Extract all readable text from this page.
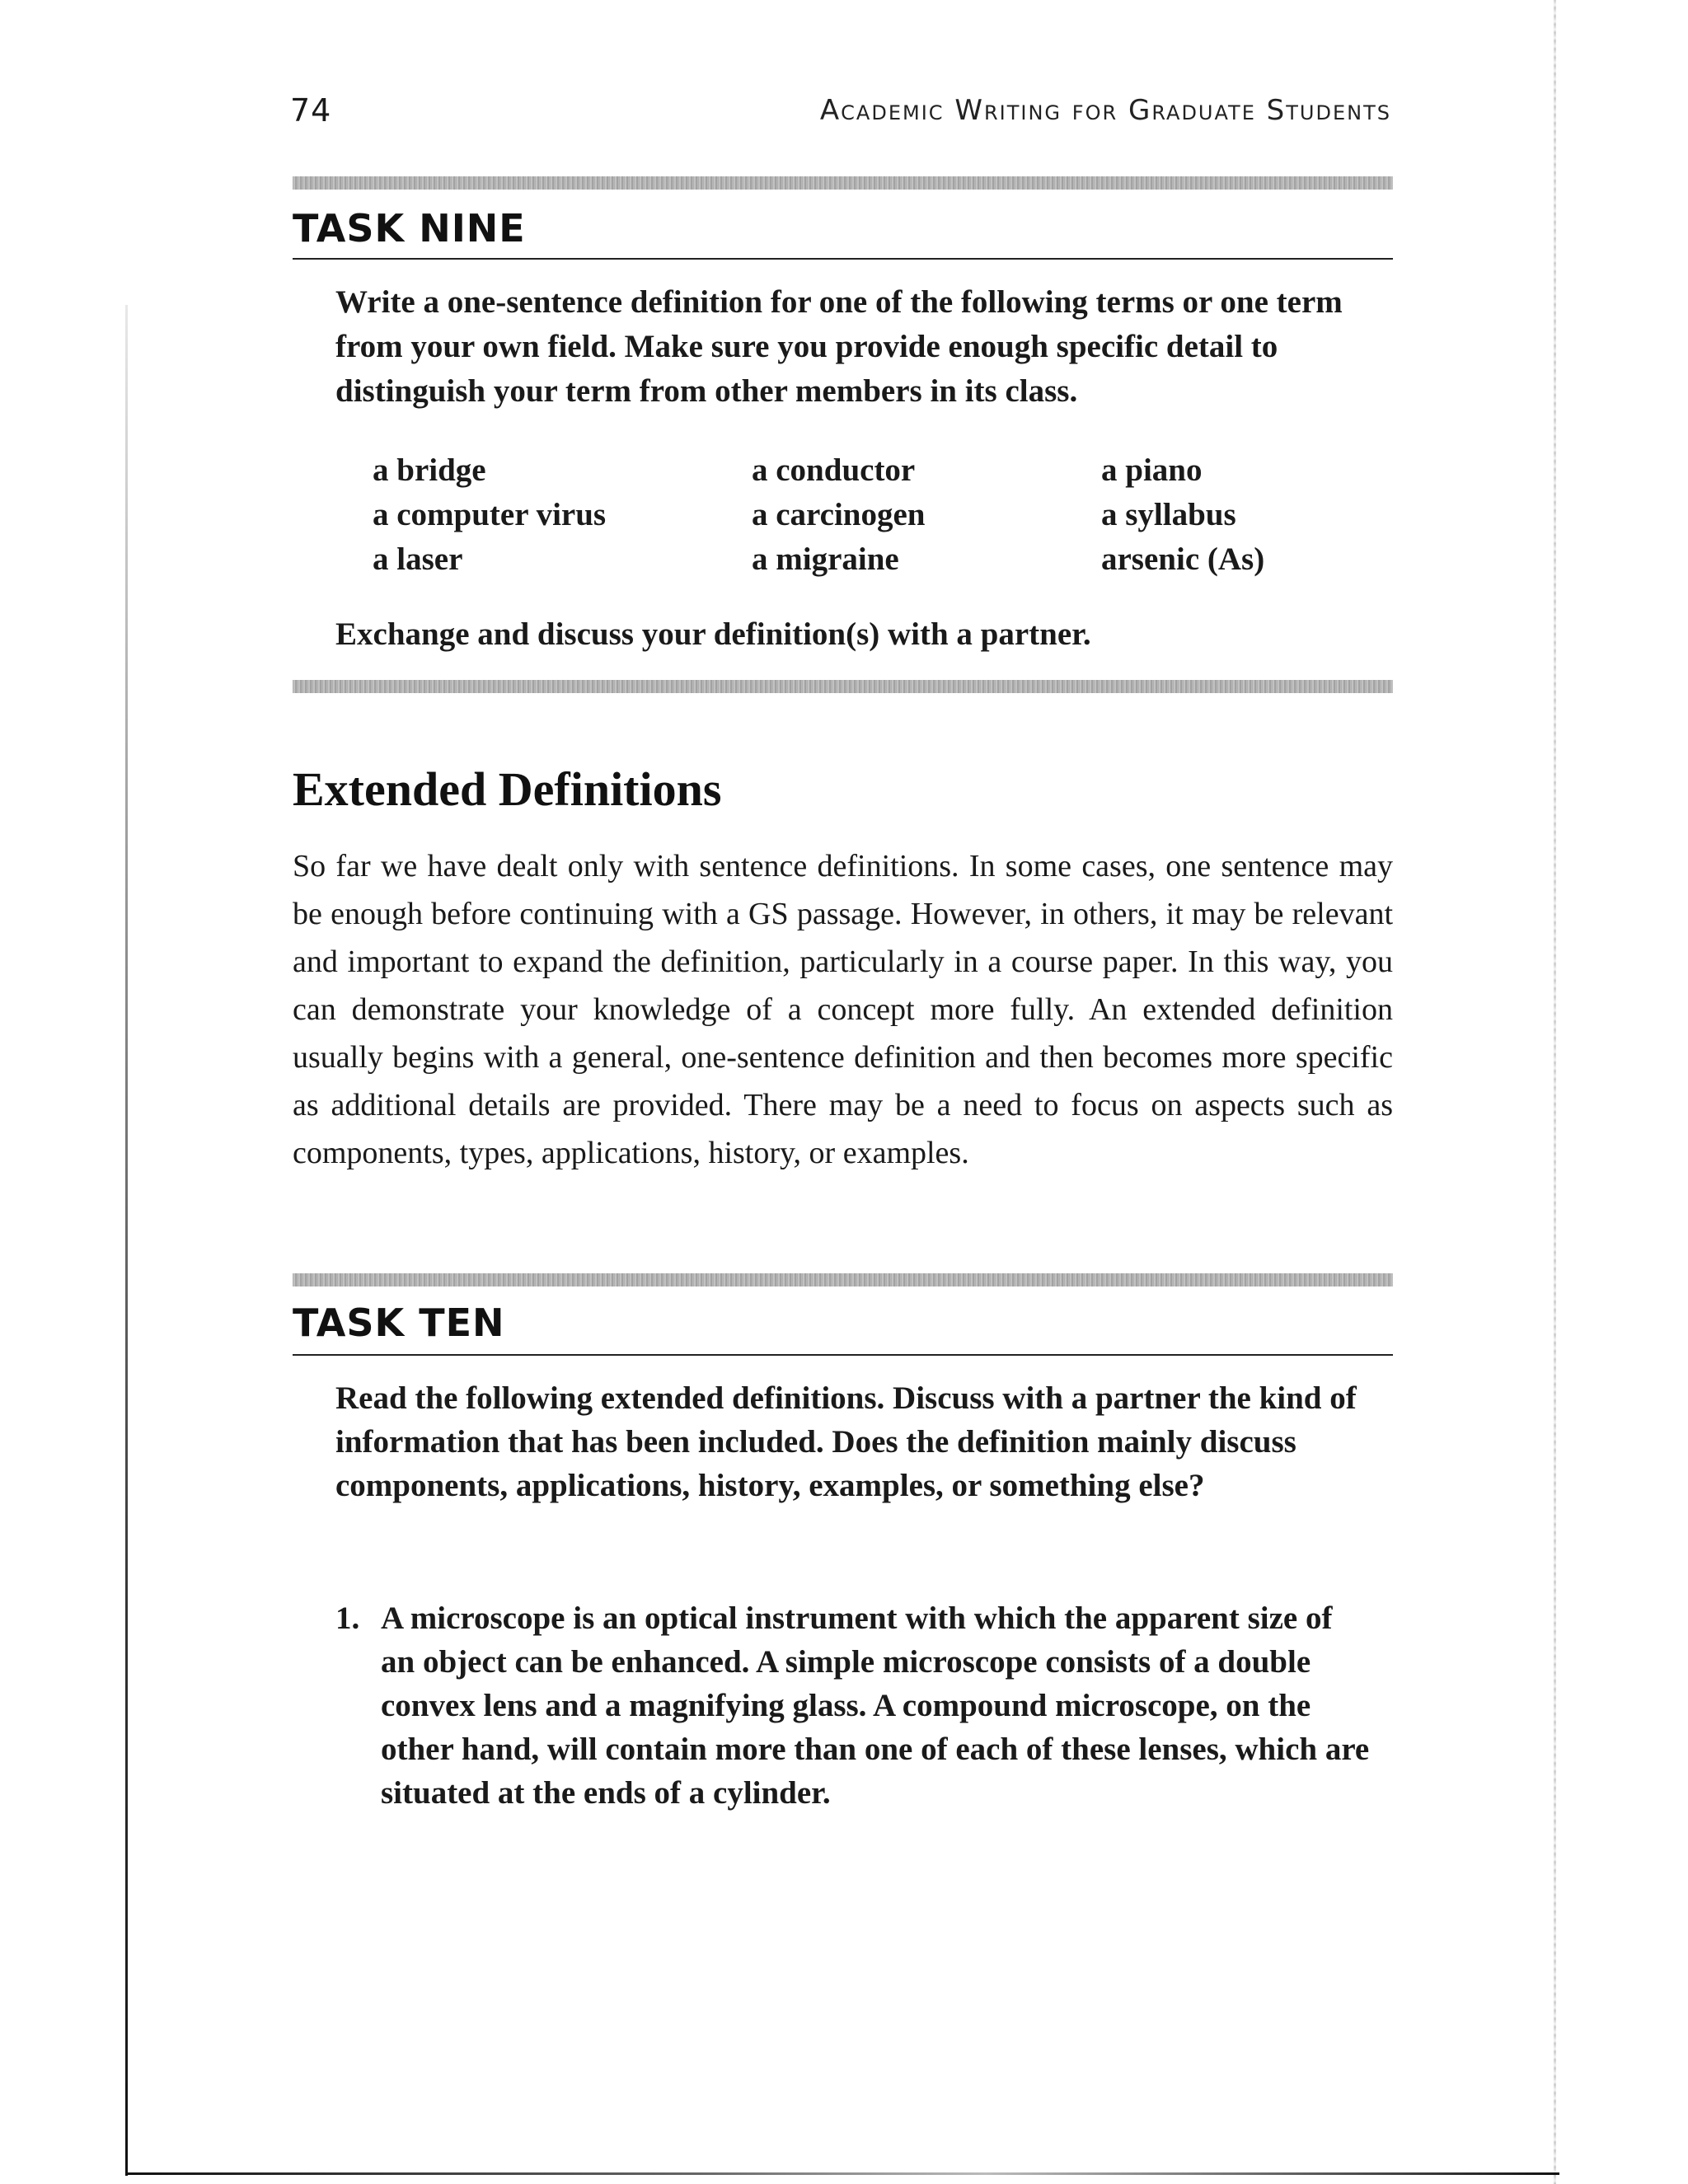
74	Academic Writing for Graduate Students
TASK NINE

Write a one-sentence definition for one of the following terms or one term from your own field. Make sure you provide enough specific detail to distinguish your term from other members in its class.

a bridge	a conductor	a piano
a computer virus	a carcinogen	a syllabus
a laser	a migraine	arsenic (As)

Exchange and discuss your definition(s) with a partner.

Extended Definitions

So far we have dealt only with sentence definitions. In some cases, one sentence may be enough before continuing with a GS passage. However, in others, it may be relevant and important to expand the definition, particularly in a course paper. In this way, you can demonstrate your knowledge of a concept more fully. An extended definition usually begins with a general, one-sentence definition and then becomes more specific as additional details are provided. There may be a need to focus on aspects such as components, types, applications, history, or examples.

TASK TEN

Read the following extended definitions. Discuss with a partner the kind of information that has been included. Does the definition mainly discuss components, applications, history, examples, or something else?

1. A microscope is an optical instrument with which the apparent size of an object can be enhanced. A simple microscope consists of a double convex lens and a magnifying glass. A compound microscope, on the other hand, will contain more than one of each of these lenses, which are situated at the ends of a cylinder.
